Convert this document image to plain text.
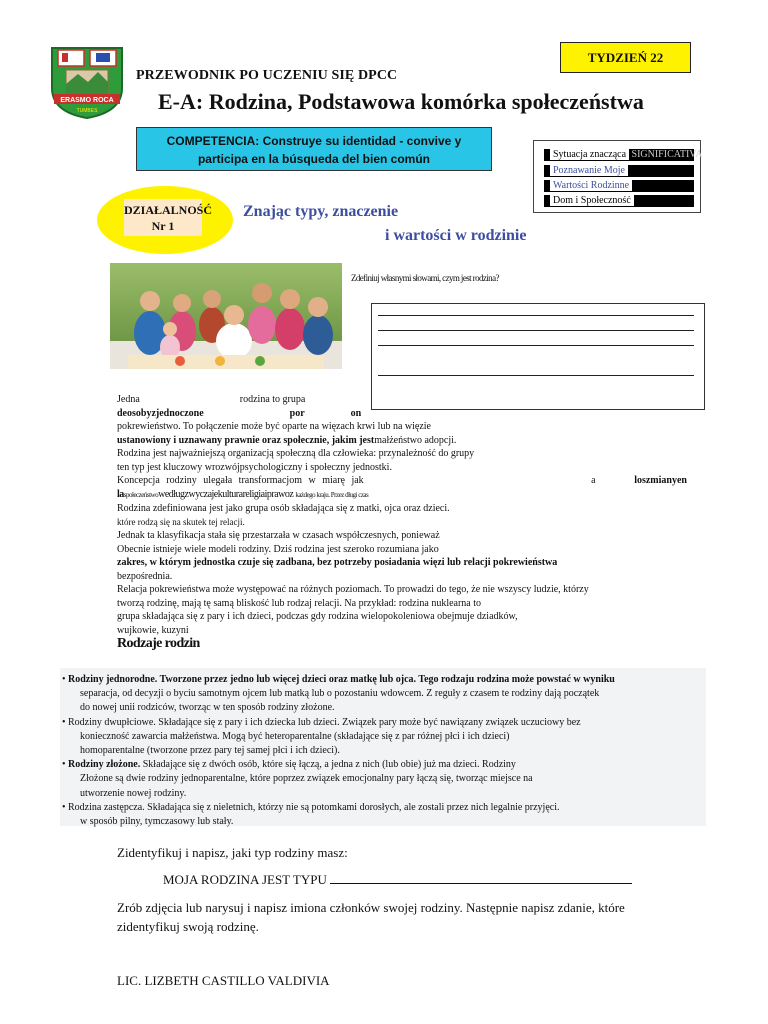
ERASMO ROCA
TUMBES
TYDZIEŃ 22
PRZEWODNIK PO UCZENIU SIĘ DPCC
E-A: Rodzina, Podstawowa komórka społeczeństwa
COMPETENCIA: Construye su identidad - convive y
participa en la búsqueda del bien común	Sytuacja znacząca SIGNIFICATIVA
Poznawanie Moje
Wartości Rodzinne
Dom i Społeczność
DZIAŁALNOŚĆ
Nr 1
Znając typy, znaczenie
i wartości w rodzinie
Zdefiniuj własnymi słowami, czym jest rodzina?

Jedna	rodzina to grupa

deosobyzjednoczone	por	on

pokrewieństwo. To połączenie może być oparte na więzach krwi lub na więzie

ustanowiony i uznawany prawnie oraz społecznie, jakim jestmałżeństwo adopcji.

Rodzina jest najważniejszą organizacją społeczną dla człowieka: przynależność do grupy

ten typ jest kluczowy wrozwójpsychologiczny i społeczny jednostki.

Koncepcja rodziny ulegała transformacjom w miarę jak	a	loszmianyen

laspołeczeństwowedługzwyczajekulturareligiaiprawoz każdego kraju. Przez długi czas

Rodzina zdefiniowana jest jako grupa osób składająca się z matki, ojca oraz dzieci.

które rodzą się na skutek tej relacji.

Jednak ta klasyfikacja stała się przestarzała w czasach współczesnych, ponieważ

Obecnie istnieje wiele modeli rodziny. Dziś rodzina jest szeroko rozumiana jako

zakres, w którym jednostka czuje się zadbana, bez potrzeby posiadania więzi lub relacji pokrewieństwa

bezpośrednia.

Relacja pokrewieństwa może występować na różnych poziomach. To prowadzi do tego, że nie wszyscy ludzie, którzy

tworzą rodzinę, mają tę samą bliskość lub rodzaj relacji. Na przykład: rodzina nuklearna to

grupa składająca się z pary i ich dzieci, podczas gdy rodzina wielopokoleniowa obejmuje dziadków,

wujkowie, kuzyni

Rodzaje rodzin

• Rodziny jednorodne. Tworzone przez jedno lub więcej dzieci oraz matkę lub ojca. Tego rodzaju rodzina może powstać w wyniku

separacja, od decyzji o byciu samotnym ojcem lub matką lub o pozostaniu wdowcem. Z reguły z czasem te rodziny dają początek

do nowej unii rodziców, tworząc w ten sposób rodziny złożone.

• Rodziny dwupłciowe. Składające się z pary i ich dziecka lub dzieci. Związek pary może być nawiązany związek uczuciowy bez

konieczność zawarcia małżeństwa. Mogą być heteroparentalne (składające się z par różnej płci i ich dzieci)

homoparentalne (tworzone przez pary tej samej płci i ich dzieci).

• Rodziny złożone. Składające się z dwóch osób, które się łączą, a jedna z nich (lub obie) już ma dzieci. Rodziny

Złożone są dwie rodziny jednoparentalne, które poprzez związek emocjonalny pary łączą się, tworząc miejsce na

utworzenie nowej rodziny.

• Rodzina zastępcza. Składająca się z nieletnich, którzy nie są potomkami dorosłych, ale zostali przez nich legalnie przyjęci.

w sposób pilny, tymczasowy lub stały.

Zidentyfikuj i napisz, jaki typ rodziny masz:
MOJA RODZINA JEST TYPU
Zrób zdjęcia lub narysuj i napisz imiona członków swojej rodziny. Następnie napisz zdanie, które
zidentyfikuj swoją rodzinę.
LIC. LIZBETH CASTILLO VALDIVIA
